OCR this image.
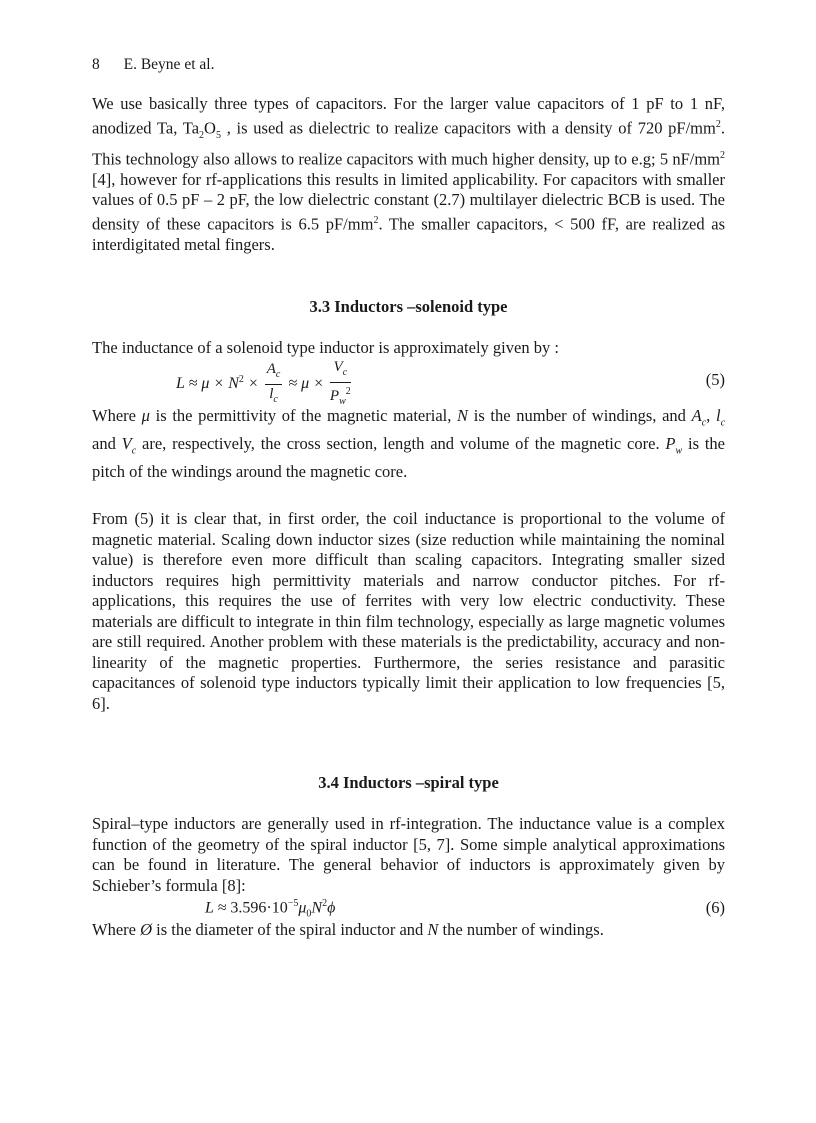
8 E. Beyne et al.

We use basically three types of capacitors. For the larger value capacitors of 1 pF to 1 nF, anodized Ta, $Ta_2O_5$ , is used as dielectric to realize capacitors with a density of 720 $pF/mm^2$. This technology also allows to realize capacitors with much higher density, up to e.g; 5 $nF/mm^2$ [4], however for rf-applications this results in limited applicability. For capacitors with smaller values of 0.5 pF – 2 pF, the low dielectric constant (2.7) multilayer dielectric BCB is used. The density of these capacitors is 6.5 $pF/mm^2$. The smaller capacitors, < 500 fF, are realized as interdigitated metal fingers.

3.3 Inductors –solenoid type

The inductance of a solenoid type inductor is approximately given by :

$L \approx \mu \times N^2 \times \frac{A_c}{l_c} \approx \mu \times \frac{V_c}{P_w^2}$	(5)

Where μ is the permittivity of the magnetic material, N is the number of windings, and $A_c$, $l_c$ and $V_c$ are, respectively, the cross section, length and volume of the magnetic core. $P_w$ is the pitch of the windings around the magnetic core.

From (5) it is clear that, in first order, the coil inductance is proportional to the volume of magnetic material. Scaling down inductor sizes (size reduction while maintaining the nominal value) is therefore even more difficult than scaling capacitors. Integrating smaller sized inductors requires high permittivity materials and narrow conductor pitches. For rf-applications, this requires the use of ferrites with very low electric conductivity. These materials are difficult to integrate in thin film technology, especially as large magnetic volumes are still required. Another problem with these materials is the predictability, accuracy and non-linearity of the magnetic properties. Furthermore, the series resistance and parasitic capacitances of solenoid type inductors typically limit their application to low frequencies [5, 6].

3.4 Inductors –spiral type

Spiral–type inductors are generally used in rf-integration. The inductance value is a complex function of the geometry of the spiral inductor [5, 7]. Some simple analytical approximations can be found in literature. The general behavior of inductors is approximately given by Schieber’s formula [8]:

$L \approx 3.596\cdot 10^{-5}\mu_0N^2\phi$	(6)

Where Ø is the diameter of the spiral inductor and N the number of windings.
